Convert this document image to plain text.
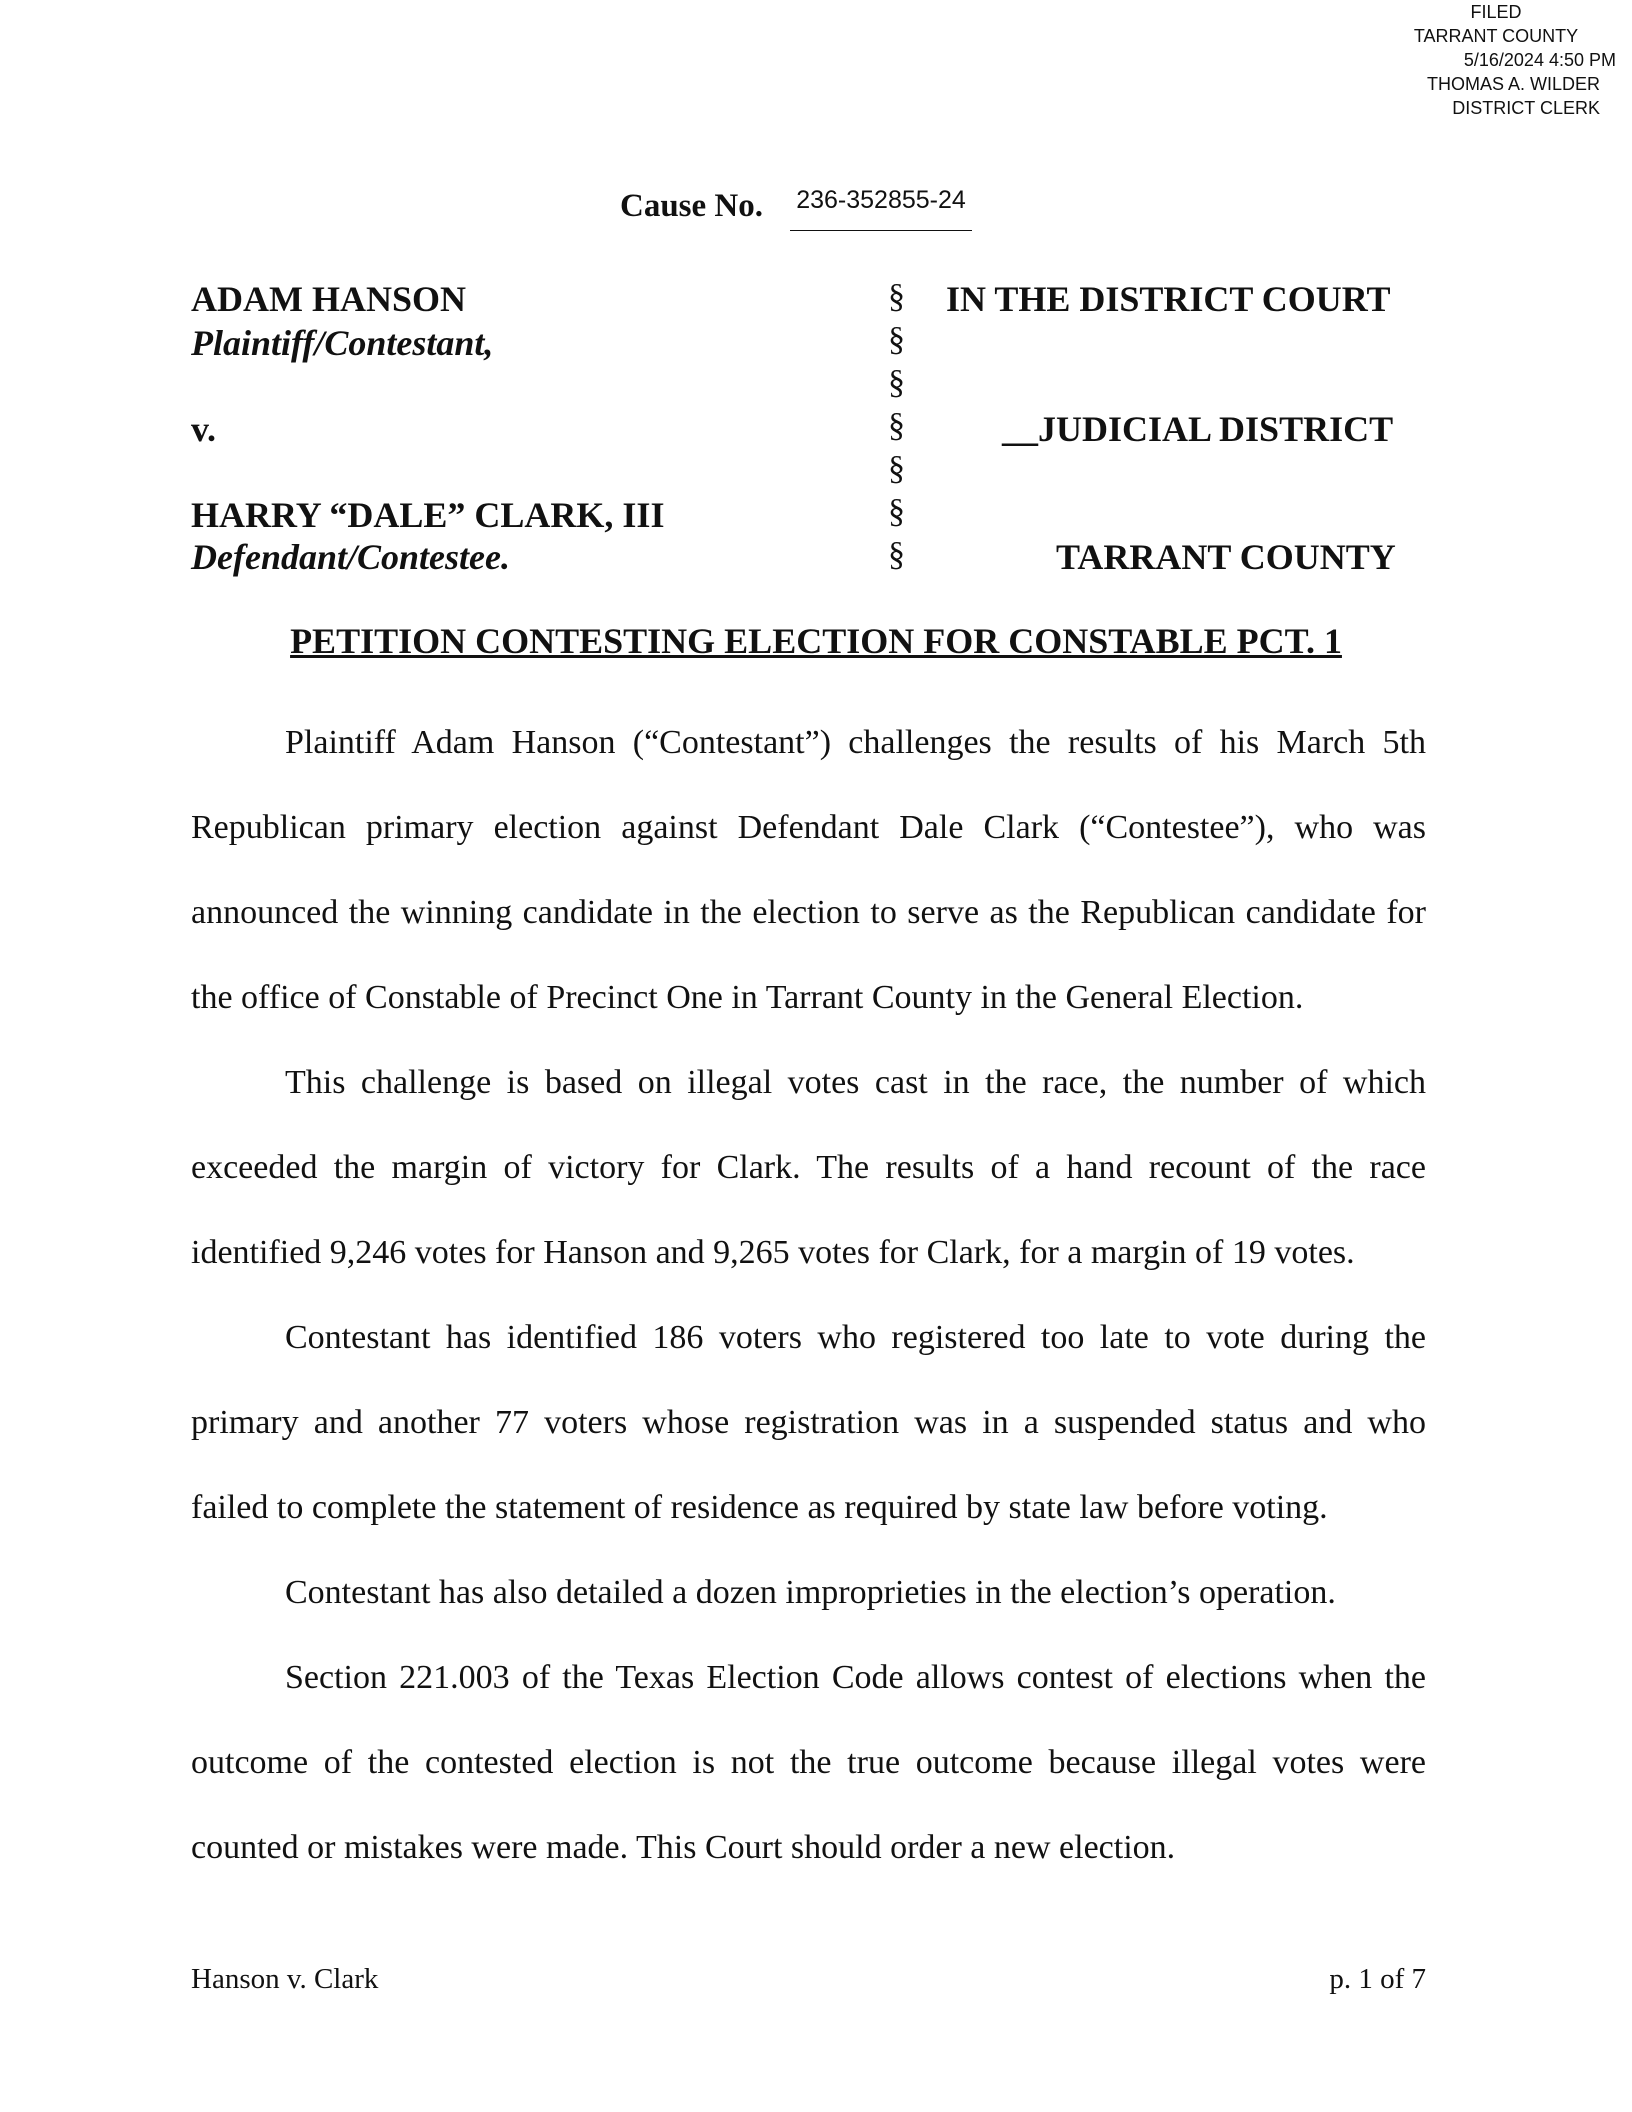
FILED
TARRANT COUNTY
5/16/2024 4:50 PM
THOMAS A. WILDER
DISTRICT CLERK
Cause No. 236-352855-24
ADAM HANSON
Plaintiff/Contestant,
v.
HARRY “DALE” CLARK, III
Defendant/Contestee.
§
§
§
§
§
§
§
IN THE DISTRICT COURT
__JUDICIAL DISTRICT
TARRANT COUNTY
PETITION CONTESTING ELECTION FOR CONSTABLE PCT. 1

Plaintiff Adam Hanson (“Contestant”) challenges the results of his March 5th Republican primary election against Defendant Dale Clark (“Contestee”), who was announced the winning candidate in the election to serve as the Republican candidate for the office of Constable of Precinct One in Tarrant County in the General Election.

This challenge is based on illegal votes cast in the race, the number of which exceeded the margin of victory for Clark. The results of a hand recount of the race identified 9,246 votes for Hanson and 9,265 votes for Clark, for a margin of 19 votes.

Contestant has identified 186 voters who registered too late to vote during the primary and another 77 voters whose registration was in a suspended status and who failed to complete the statement of residence as required by state law before voting.

Contestant has also detailed a dozen improprieties in the election’s operation.

Section 221.003 of the Texas Election Code allows contest of elections when the outcome of the contested election is not the true outcome because illegal votes were counted or mistakes were made. This Court should order a new election.

Hanson v. Clark	p. 1 of 7
